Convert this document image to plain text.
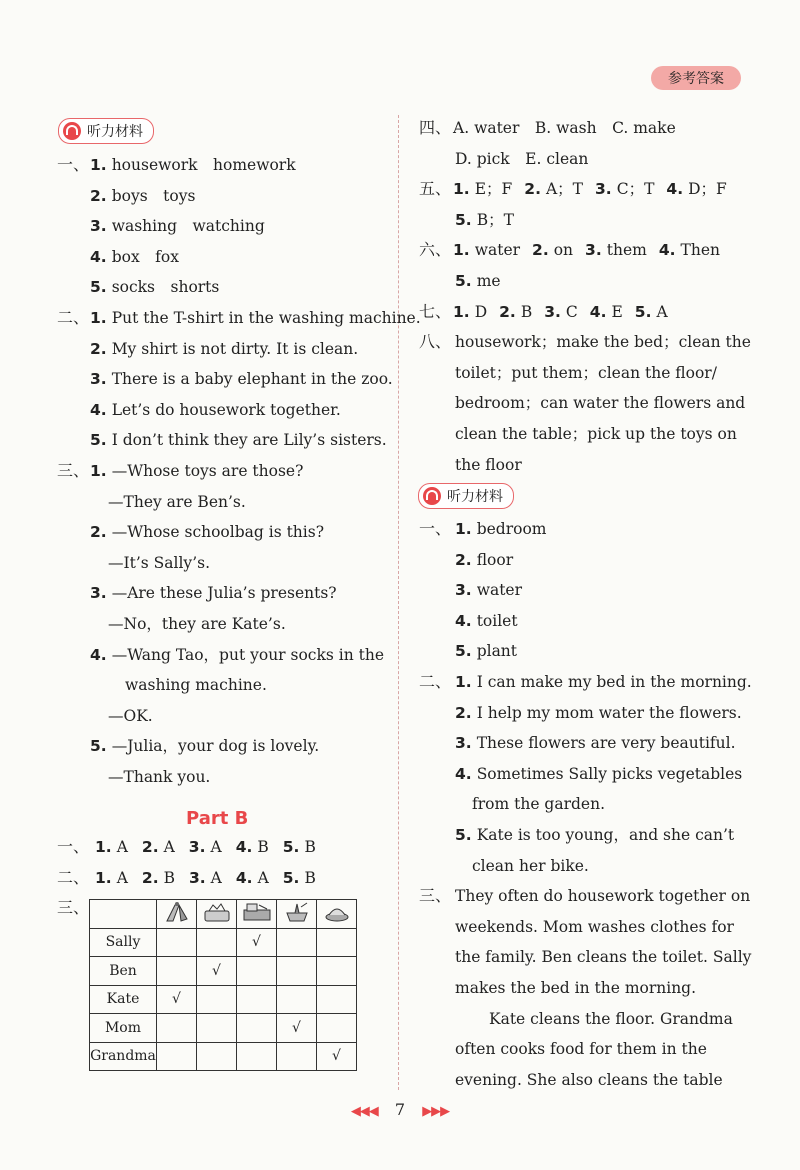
参考答案
听力材料
一、 1. housework　homework
2. boys　toys
3. washing　watching
4. box　fox
5. socks　shorts
二、 1. Put the T-shirt in the washing machine.
2. My shirt is not dirty. It is clean.
3. There is a baby elephant in the zoo.
4. Let’s do housework together.
5. I don’t think they are Lily’s sisters.
三、 1. —Whose toys are those?
—They are Ben’s.
2. —Whose schoolbag is this?
—It’s Sally’s.
3. —Are these Julia’s presents?
—No，they are Kate’s.
4. —Wang Tao，put your socks in the
washing machine.
—OK.
5. —Julia，your dog is lovely.
—Thank you.
一、 1. A 2. A 3. A 4. B 5. B
二、 1. A 2. B 3. A 4. A 5. B
三、
Part B

Sally			√		
Ben		√			
Kate	√				
Mom				√	
Grandma					√
听力材料
四、 A. water　B. wash　C. make
D. pick　E. clean
五、 1. E；F 2. A；T 3. C；T 4. D；F
5. B；T
六、 1. water 2. on 3. them 4. Then
5. me
七、 1. D 2. B 3. C 4. E 5. A
八、 housework；make the bed；clean the
toilet；put them；clean the floor/
bedroom；can water the flowers and
clean the table；pick up the toys on
the floor
一、 1. bedroom
2. floor
3. water
4. toilet
5. plant
二、 1. I can make my bed in the morning.
2. I help my mom water the flowers.
3. These flowers are very beautiful.
4. Sometimes Sally picks vegetables
from the garden.
5. Kate is too young，and she can’t
clean her bike.
三、 They often do housework together on
weekends. Mom washes clothes for
the family. Ben cleans the toilet. Sally
makes the bed in the morning.
Kate cleans the floor. Grandma
often cooks food for them in the
evening. She also cleans the table
◀◀◀ 7 ▶▶▶
